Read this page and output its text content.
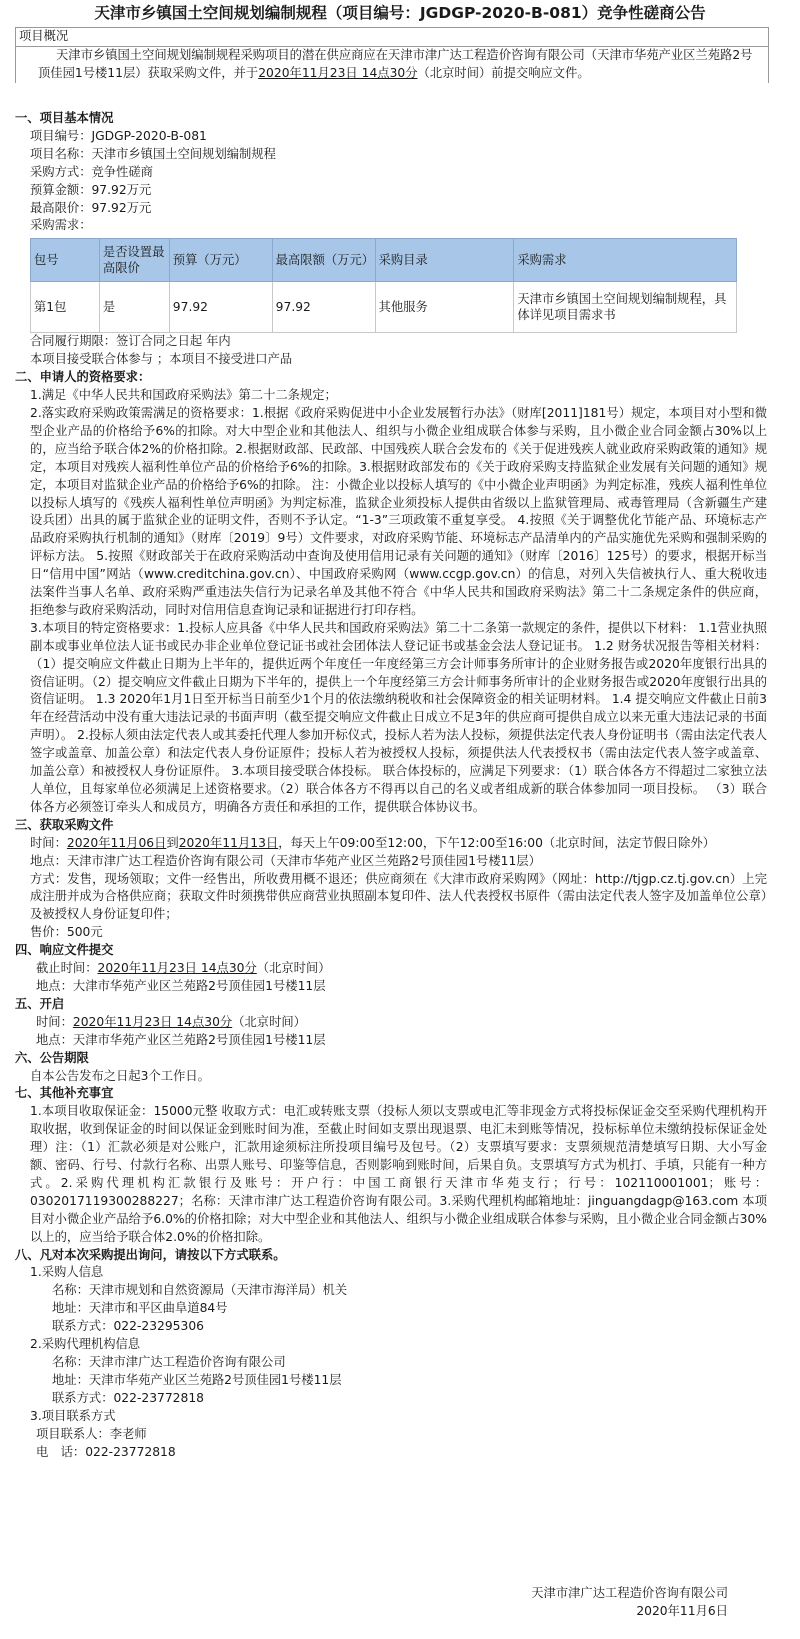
天津市乡镇国土空间规划编制规程（项目编号：JGDGP-2020-B-081）竞争性磋商公告
项目概况
天津市乡镇国土空间规划编制规程采购项目的潜在供应商应在天津市津广达工程造价咨询有限公司（天津市华苑产业区兰苑路2号顶佳园1号楼11层）获取采购文件，并于2020年11月23日 14点30分（北京时间）前提交响应文件。

一、项目基本情况

项目编号：JGDGP-2020-B-081

项目名称：天津市乡镇国土空间规划编制规程

采购方式：竞争性磋商

预算金额：97.92万元

最高限价：97.92万元

采购需求：

包号	是否设置最高限价	预算（万元）	最高限额（万元）	采购目录	采购需求
第1包	是	97.92	97.92	其他服务	天津市乡镇国土空间规划编制规程，具体详见项目需求书

合同履行期限：签订合同之日起 年内

本项目接受联合体参与 ；本项目不接受进口产品

二、申请人的资格要求：

1.满足《中华人民共和国政府采购法》第二十二条规定；

2.落实政府采购政策需满足的资格要求：1.根据《政府采购促进中小企业发展暂行办法》（财库[2011]181号）规定，本项目对小型和微型企业产品的价格给予6%的扣除。对大中型企业和其他法人、组织与小微企业组成联合体参与采购，且小微企业合同金额占30%以上的，应当给予联合体2%的价格扣除。2.根据财政部、民政部、中国残疾人联合会发布的《关于促进残疾人就业政府采购政策的通知》规定，本项目对残疾人福利性单位产品的价格给予6%的扣除。3.根据财政部发布的《关于政府采购支持监狱企业发展有关问题的通知》规定，本项目对监狱企业产品的价格给予6%的扣除。 注：小微企业以投标人填写的《中小微企业声明函》为判定标准，残疾人福利性单位以投标人填写的《残疾人福利性单位声明函》为判定标准，监狱企业须投标人提供由省级以上监狱管理局、戒毒管理局（含新疆生产建设兵团）出具的属于监狱企业的证明文件，否则不予认定。“1-3”三项政策不重复享受。 4.按照《关于调整优化节能产品、环境标志产品政府采购执行机制的通知》（财库〔2019〕9号）文件要求，对政府采购节能、环境标志产品清单内的产品实施优先采购和强制采购的评标方法。 5.按照《财政部关于在政府采购活动中查询及使用信用记录有关问题的通知》（财库〔2016〕125号）的要求，根据开标当日“信用中国”网站（www.creditchina.gov.cn）、中国政府采购网（www.ccgp.gov.cn）的信息，对列入失信被执行人、重大税收违法案件当事人名单、政府采购严重违法失信行为记录名单及其他不符合《中华人民共和国政府采购法》第二十二条规定条件的供应商，拒绝参与政府采购活动，同时对信用信息查询记录和证据进行打印存档。

3.本项目的特定资格要求：1.投标人应具备《中华人民共和国政府采购法》第二十二条第一款规定的条件，提供以下材料： 1.1营业执照副本或事业单位法人证书或民办非企业单位登记证书或社会团体法人登记证书或基金会法人登记证书。 1.2 财务状况报告等相关材料：（1）提交响应文件截止日期为上半年的，提供近两个年度任一年度经第三方会计师事务所审计的企业财务报告或2020年度银行出具的资信证明。（2）提交响应文件截止日期为下半年的，提供上一个年度经第三方会计师事务所审计的企业财务报告或2020年度银行出具的资信证明。 1.3 2020年1月1日至开标当日前至少1个月的依法缴纳税收和社会保障资金的相关证明材料。 1.4 提交响应文件截止日前3年在经营活动中没有重大违法记录的书面声明（截至提交响应文件截止日成立不足3年的供应商可提供自成立以来无重大违法记录的书面声明）。 2.投标人须由法定代表人或其委托代理人参加开标仪式，投标人若为法人投标，须提供法定代表人身份证明书（需由法定代表人签字或盖章、加盖公章）和法定代表人身份证原件；投标人若为被授权人投标，须提供法人代表授权书（需由法定代表人签字或盖章、加盖公章）和被授权人身份证原件。 3.本项目接受联合体投标。 联合体投标的，应满足下列要求：（1）联合体各方不得超过二家独立法人单位，且每家单位必须满足上述资格要求。（2）联合体各方不得再以自己的名义或者组成新的联合体参加同一项目投标。 （3）联合体各方必须签订牵头人和成员方，明确各方责任和承担的工作，提供联合体协议书。

三、获取采购文件

时间：2020年11月06日到2020年11月13日，每天上午09:00至12:00，下午12:00至16:00（北京时间，法定节假日除外）

地点：天津市津广达工程造价咨询有限公司（天津市华苑产业区兰苑路2号顶佳园1号楼11层）

方式：发售，现场领取；文件一经售出，所收费用概不退还；供应商须在《大津市政府采购网》（网址：http://tjgp.cz.tj.gov.cn）上完成注册并成为合格供应商；获取文件时须携带供应商营业执照副本复印件、法人代表授权书原件（需由法定代表人签字及加盖单位公章）及被授权人身份证复印件；

售价：500元

四、响应文件提交

截止时间：2020年11月23日 14点30分（北京时间）

地点：大津市华苑产业区兰苑路2号顶佳园1号楼11层

五、开启

时间：2020年11月23日 14点30分（北京时间）

地点：天津市华苑产业区兰苑路2号顶佳园1号楼11层

六、公告期限

自本公告发布之日起3个工作日。

七、其他补充事宜

1.本项目收取保证金：15000元整 收取方式：电汇或转账支票（投标人须以支票或电汇等非现金方式将投标保证金交至采购代理机构开取收据，收到保证金的时间以保证金到账时间为准，至截止时间如支票出现退票、电汇未到账等情况，投标标单位未缴纳投标保证金处理）注：（1）汇款必须是对公账户，汇款用途须标注所投项目编号及包号。（2）支票填写要求：支票须规范清楚填写日期、大小写金额、密码、行号、付款行名称、出票人账号、印鉴等信息，否则影响到账时间，后果自负。支票填写方式为机打、手填，只能有一种方式。2.采购代理机构汇款银行及账号：开户行：中国工商银行天津市华苑支行；行号：102110001001；账号：0302017119300288227；名称：天津市津广达工程造价咨询有限公司。3.采购代理机构邮箱地址：jinguangdagp@163.com 本项目对小微企业产品给予6.0%的价格扣除；对大中型企业和其他法人、组织与小微企业组成联合体参与采购，且小微企业合同金额占30%以上的，应当给予联合体2.0%的价格扣除。

八、凡对本次采购提出询问，请按以下方式联系。

1.采购人信息

名称：天津市规划和自然资源局（天津市海洋局）机关

地址：天津市和平区曲阜道84号

联系方式：022-23295306

2.采购代理机构信息

名称：天津市津广达工程造价咨询有限公司

地址：天津市华苑产业区兰苑路2号顶佳园1号楼11层

联系方式：022-23772818

3.项目联系方式

项目联系人：李老师

电　话：022-23772818

天津市津广达工程造价咨询有限公司
2020年11月6日
